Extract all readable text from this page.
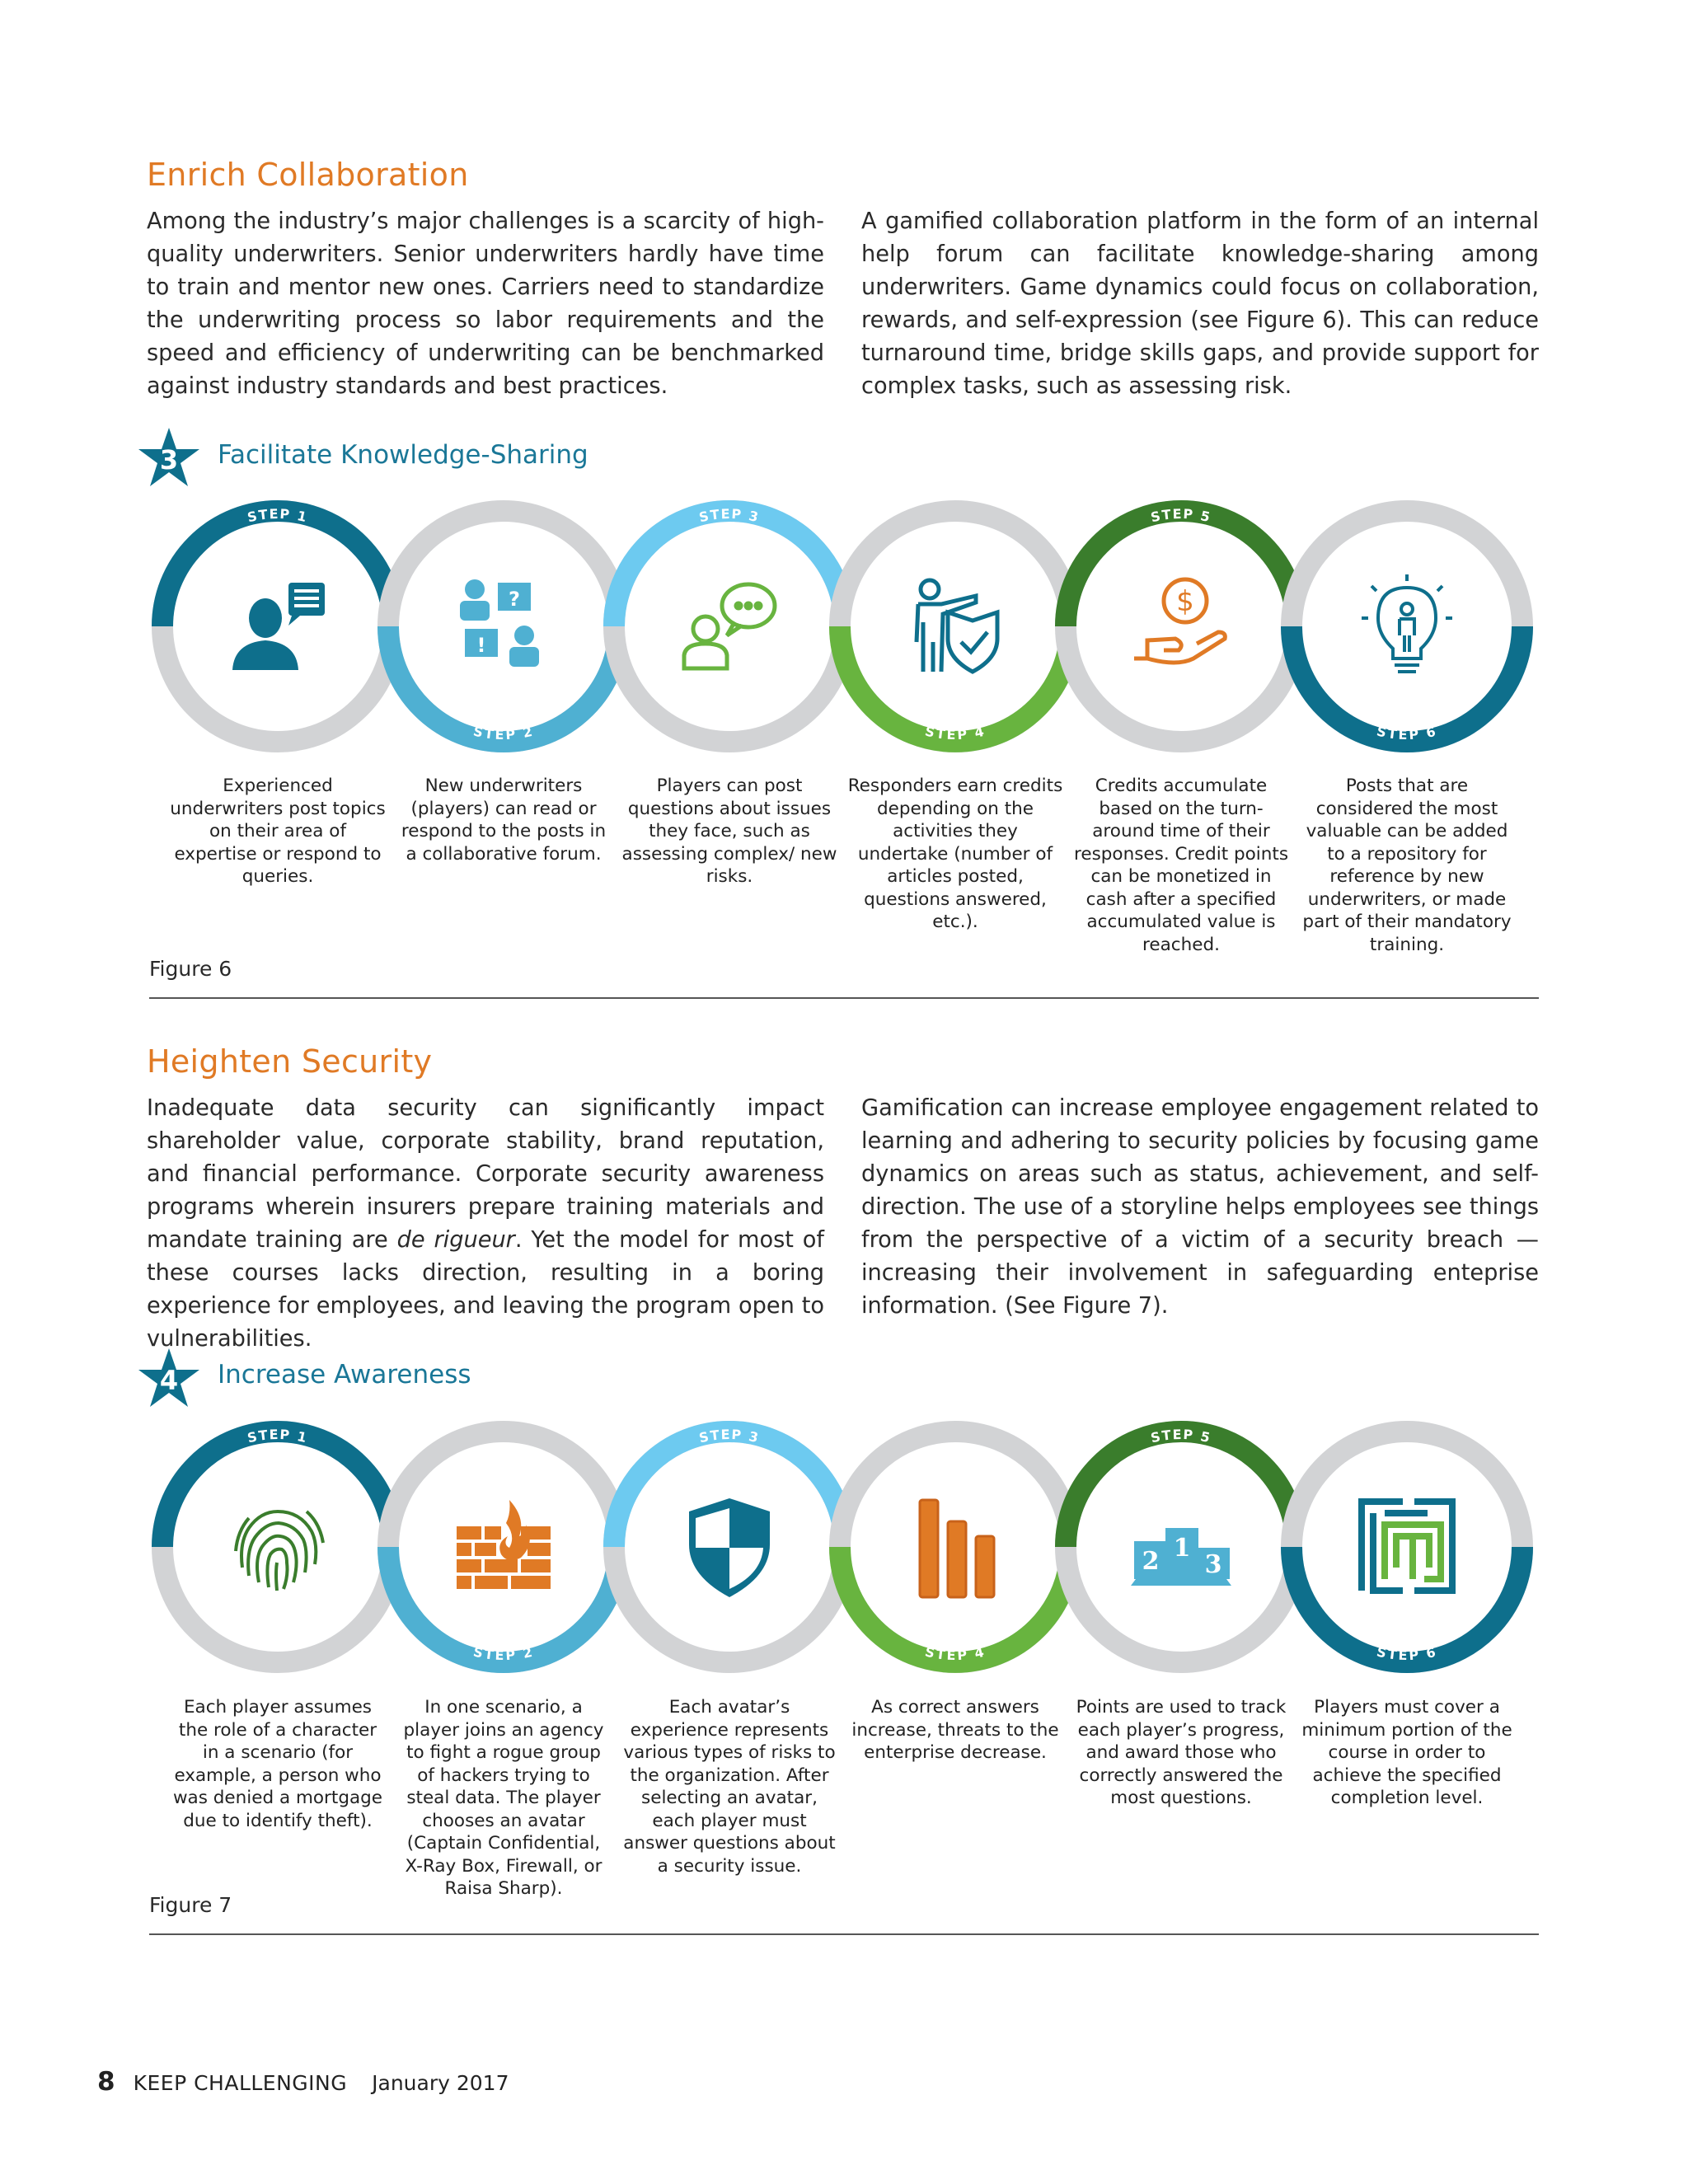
Enrich Collaboration

Among the industry’s major challenges is a scarcity of high-quality underwriters. Senior underwriters hardly have time to train and mentor new ones. Carriers need to standardize the underwriting process so labor requirements and the speed and efficiency of underwriting can be benchmarked against industry standards and best practices.

A gamified collaboration platform in the form of an internal help forum can facilitate knowledge-sharing among underwriters. Game dynamics could focus on collaboration, rewards, and self-expression (see Figure 6). This can reduce turnaround time, bridge skills gaps, and provide support for complex tasks, such as assessing risk.

3 Facilitate Knowledge-Sharing
STEP 1
STEP 2
STEP 3
STEP 4
STEP 5
STEP 6
?
!
$
Experienced underwriters post topics on their area of expertise or respond to queries.
New underwriters (players) can read or respond to the posts in a collaborative forum.
Players can post questions about issues they face, such as assessing complex/ new risks.
Responders earn credits depending on the activities they undertake (number of articles posted, questions answered, etc.).
Credits accumulate based on the turn-around time of their responses. Credit points can be monetized in cash after a specified accumulated value is reached.
Posts that are considered the most valuable can be added to a repository for reference by new underwriters, or made part of their mandatory training.
Figure 6
Heighten Security

Inadequate data security can significantly impact shareholder value, corporate stability, brand reputation, and financial performance. Corporate security awareness programs wherein insurers prepare training materials and mandate training are de rigueur. Yet the model for most of these courses lacks direction, resulting in a boring experience for employees, and leaving the program open to vulnerabilities.

Gamification can increase employee engagement related to learning and adhering to security policies by focusing game dynamics on areas such as status, achievement, and self-direction. The use of a storyline helps employees see things from the perspective of a victim of a security breach — increasing their involvement in safeguarding enteprise information. (See Figure 7).

4 Increase Awareness
STEP 1
STEP 2
STEP 3
STEP 4
STEP 5
STEP 6
2 1
3
Each player assumes the role of a character in a scenario (for example, a person who was denied a mortgage due to identify theft).
In one scenario, a player joins an agency to fight a rogue group of hackers trying to steal data. The player chooses an avatar (Captain Confidential, X-Ray Box, Firewall, or Raisa Sharp).
Each avatar’s experience represents various types of risks to the organization. After selecting an avatar, each player must answer questions about a security issue.
As correct answers increase, threats to the enterprise decrease.
Points are used to track each player’s progress, and award those who correctly answered the most questions.
Players must cover a minimum portion of the course in order to achieve the specified completion level.
Figure 7
8 KEEP CHALLENGING January 2017
